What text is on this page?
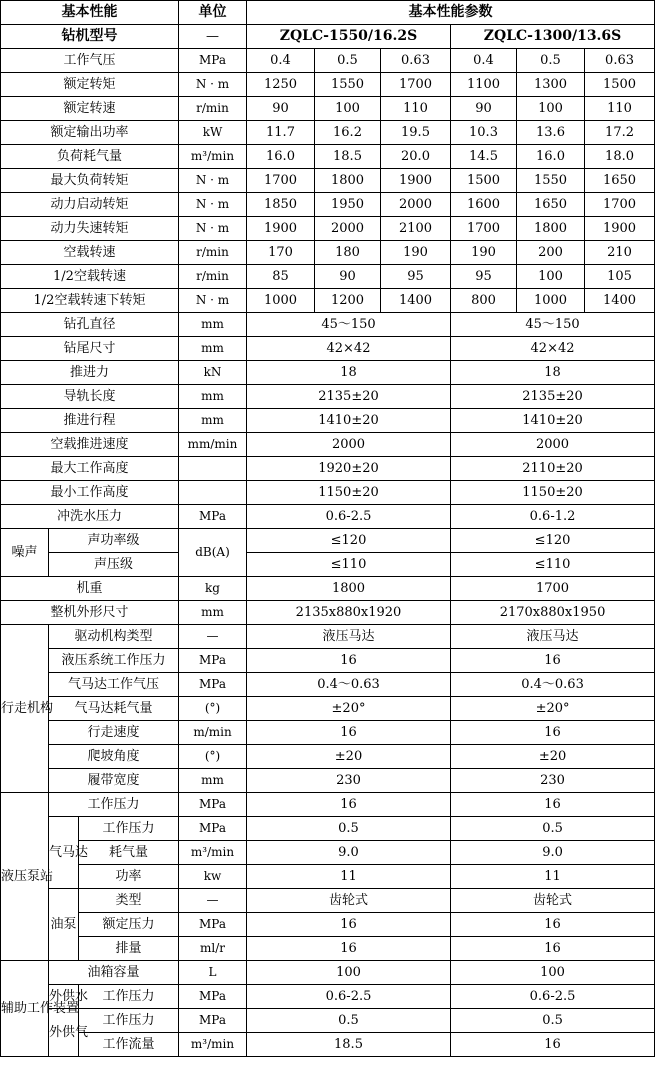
基本性能			单位	基本性能参数					
钻机型号			—	ZQLC-1550/16.2S			ZQLC-1300/13.6S		
工作气压			MPa	0.4	0.5	0.63	0.4	0.5	0.63
额定转矩			N · m	1250	1550	1700	1100	1300	1500
额定转速			r/min	90	100	110	90	100	110
额定输出功率			kW	11.7	16.2	19.5	10.3	13.6	17.2
负荷耗气量			m³/min	16.0	18.5	20.0	14.5	16.0	18.0
最大负荷转矩			N · m	1700	1800	1900	1500	1550	1650
动力启动转矩			N · m	1850	1950	2000	1600	1650	1700
动力失速转矩			N · m	1900	2000	2100	1700	1800	1900
空载转速			r/min	170	180	190	190	200	210
1/2空载转速			r/min	85	90	95	95	100	105
1/2空载转速下转矩			N · m	1000	1200	1400	800	1000	1400
钻孔直径			mm	45～150			45～150		
钻尾尺寸			mm	42×42			42×42		
推进力			kN	18			18		
导轨长度			mm	2135±20			2135±20		
推进行程			mm	1410±20			1410±20		
空载推进速度			mm/min	2000			2000		
最大工作高度				1920±20			2110±20		
最小工作高度				1150±20			1150±20		
冲洗水压力			MPa	0.6-2.5			0.6-1.2		
噪声	声功率级		dB(A)	≤120			≤120		
	声压级			≤110			≤110		
机重			kg	1800			1700		
整机外形尺寸			mm	2135x880x1920			2170x880x1950		
行走机构	驱动机构类型		—	液压马达			液压马达		
	液压系统工作压力		MPa	16			16		
	气马达工作气压		MPa	0.4～0.63			0.4～0.63		
	气马达耗气量		(°)	±20°			±20°		
	行走速度		m/min	16			16		
	爬坡角度		(°)	±20			±20		
	履带宽度		mm	230			230		
液压泵站	工作压力		MPa	16			16		
	气马达	工作压力	MPa	0.5			0.5		
		耗气量	m³/min	9.0			9.0		
		功率	kw	11			11		
	油泵	类型	—	齿轮式			齿轮式		
		额定压力	MPa	16			16		
		排量	ml/r	16			16		
辅助工作装置	油箱容量		L	100			100		
	外供水	工作压力	MPa	0.6-2.5			0.6-2.5		
	外供气	工作压力	MPa	0.5			0.5		
		工作流量	m³/min	18.5			16		
